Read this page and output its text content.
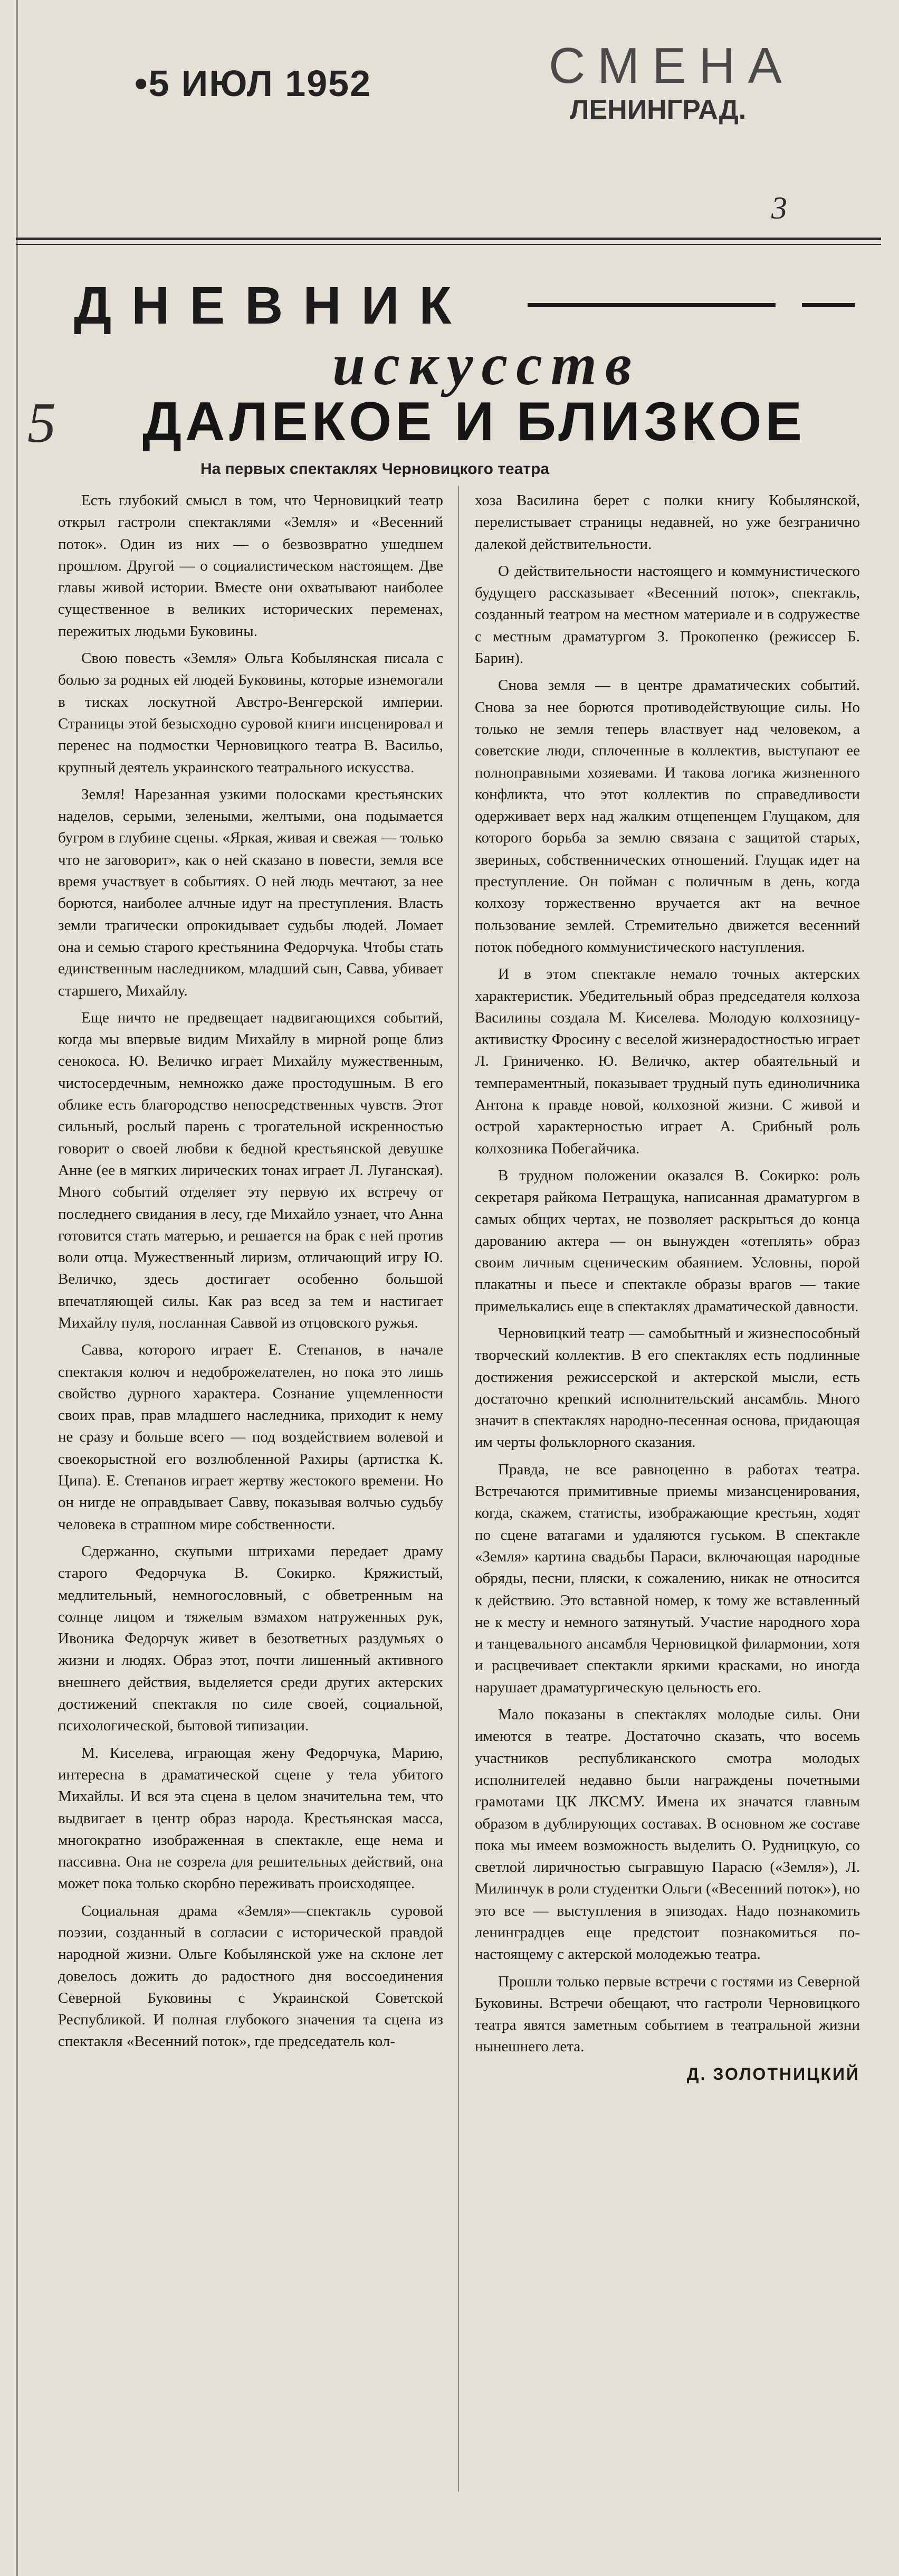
•5 ИЮЛ 1952	СМЕНА
ЛЕНИНГРАД.
3
ДНЕВНИК
искусств
5 ДАЛЕКОЕ И БЛИЗКОЕ
На первых спектаклях Черновицкого театра

Есть глубокий смысл в том, что Черновицкий театр открыл гастроли спектаклями «Земля» и «Весенний поток». Один из них — о безвозвратно ушедшем прошлом. Другой — о социалистическом настоящем. Две главы живой истории. Вместе они охватывают наиболее существенное в великих исторических переменах, пережитых людьми Буковины.

Свою повесть «Земля» Ольга Кобылянская писала с болью за родных ей людей Буковины, которые изнемогали в тисках лоскутной Австро-Венгерской империи. Страницы этой безысходно суровой книги инсценировал и перенес на подмостки Черновицкого театра В. Васильо, крупный деятель украинского театрального искусства.

Земля! Нарезанная узкими полосками крестьянских наделов, серыми, зелеными, желтыми, она подымается бугром в глубине сцены. «Яркая, живая и свежая — только что не заговорит», как о ней сказано в повести, земля все время участвует в событиях. О ней людь мечтают, за нее борются, наиболее алчные идут на преступления. Власть земли трагически опрокидывает судьбы людей. Ломает она и семью старого крестьянина Федорчука. Чтобы стать единственным наследником, младший сын, Савва, убивает старшего, Михайлу.

Еще ничто не предвещает надвигающихся событий, когда мы впервые видим Михайлу в мирной роще близ сенокоса. Ю. Величко играет Михайлу мужественным, чистосердечным, немножко даже простодушным. В его облике есть благородство непосредственных чувств. Этот сильный, рослый парень с трогательной искренностью говорит о своей любви к бедной крестьянской девушке Анне (ее в мягких лирических тонах играет Л. Луганская). Много событий отделяет эту первую их встречу от последнего свидания в лесу, где Михайло узнает, что Анна готовится стать матерью, и решается на брак с ней против воли отца. Мужественный лиризм, отличающий игру Ю. Величко, здесь достигает особенно большой впечатляющей силы. Как раз всед за тем и настигает Михайлу пуля, посланная Саввой из отцовского ружья.

Савва, которого играет Е. Степанов, в начале спектакля колюч и недоброжелателен, но пока это лишь свойство дурного характера. Сознание ущемленности своих прав, прав младшего наследника, приходит к нему не сразу и больше всего — под воздействием волевой и своекорыстной его возлюбленной Рахиры (артистка К. Ципа). Е. Степанов играет жертву жестокого времени. Но он нигде не оправдывает Савву, показывая волчью судьбу человека в страшном мире собственности.

Сдержанно, скупыми штрихами передает драму старого Федорчука В. Сокирко. Кряжистый, медлительный, немногословный, с обветренным на солнце лицом и тяжелым взмахом натруженных рук, Ивоника Федорчук живет в безответных раздумьях о жизни и людях. Образ этот, почти лишенный активного внешнего действия, выделяется среди других актерских достижений спектакля по силе своей, социальной, психологической, бытовой типизации.

М. Киселева, играющая жену Федорчука, Марию, интересна в драматической сцене у тела убитого Михайлы. И вся эта сцена в целом значительна тем, что выдвигает в центр образ народа. Крестьянская масса, многократно изображенная в спектакле, еще нема и пассивна. Она не созрела для решительных действий, она может пока только скорбно переживать происходящее.

Социальная драма «Земля»—спектакль суровой поэзии, созданный в согласии с исторической правдой народной жизни. Ольге Кобылянской уже на склоне лет довелось дожить до радостного дня воссоединения Северной Буковины с Украинской Советской Республикой. И полная глубокого значения та сцена из спектакля «Весенний поток», где председатель кол-

хоза Василина берет с полки книгу Кобылянской, перелистывает страницы недавней, но уже безгранично далекой действительности.

О действительности настоящего и коммунистического будущего рассказывает «Весенний поток», спектакль, созданный театром на местном материале и в содружестве с местным драматургом З. Прокопенко (режиссер Б. Барин).

Снова земля — в центре драматических событий. Снова за нее борются противодействующие силы. Но только не земля теперь властвует над человеком, а советские люди, сплоченные в коллектив, выступают ее полноправными хозяевами. И такова логика жизненного конфликта, что этот коллектив по справедливости одерживает верх над жалким отщепенцем Глущаком, для которого борьба за землю связана с защитой старых, звериных, собственнических отношений. Глущак идет на преступление. Он пойман с поличным в день, когда колхозу торжественно вручается акт на вечное пользование землей. Стремительно движется весенний поток победного коммунистического наступления.

И в этом спектакле немало точных актерских характеристик. Убедительный образ председателя колхоза Василины создала М. Киселева. Молодую колхозницу-активистку Фросину с веселой жизнерадостностью играет Л. Гриниченко. Ю. Величко, актер обаятельный и темпераментный, показывает трудный путь единоличника Антона к правде новой, колхозной жизни. С живой и острой характерностью играет А. Срибный роль колхозника Побегайчика.

В трудном положении оказался В. Сокирко: роль секретаря райкома Петращука, написанная драматургом в самых общих чертах, не позволяет раскрыться до конца дарованию актера — он вынужден «отеплять» образ своим личным сценическим обаянием. Условны, порой плакатны и пьесе и спектакле образы врагов — такие примелькались еще в спектаклях драматической давности.

Черновицкий театр — самобытный и жизнеспособный творческий коллектив. В его спектаклях есть подлинные достижения режиссерской и актерской мысли, есть достаточно крепкий исполнительский ансамбль. Много значит в спектаклях народно-песенная основа, придающая им черты фольклорного сказания.

Правда, не все равноценно в работах театра. Встречаются примитивные приемы мизансценирования, когда, скажем, статисты, изображающие крестьян, ходят по сцене ватагами и удаляются гуськом. В спектакле «Земля» картина свадьбы Параси, включающая народные обряды, песни, пляски, к сожалению, никак не относится к действию. Это вставной номер, к тому же вставленный не к месту и немного затянутый. Участие народного хора и танцевального ансамбля Черновицкой филармонии, хотя и расцвечивает спектакли яркими красками, но иногда нарушает драматургическую цельность его.

Мало показаны в спектаклях молодые силы. Они имеются в театре. Достаточно сказать, что восемь участников республиканского смотра молодых исполнителей недавно были награждены почетными грамотами ЦК ЛКСМУ. Имена их значатся главным образом в дублирующих составах. В основном же составе пока мы имеем возможность выделить О. Рудницкую, со светлой лиричностью сыгравшую Парасю («Земля»), Л. Милинчук в роли студентки Ольги («Весенний поток»), но это все — выступления в эпизодах. Надо познакомить ленинградцев еще предстоит познакомиться по-настоящему с актерской молодежью театра.

Прошли только первые встречи с гостями из Северной Буковины. Встречи обещают, что гастроли Черновицкого театра явятся заметным событием в театральной жизни нынешнего лета.

Д. ЗОЛОТНИЦКИЙ
